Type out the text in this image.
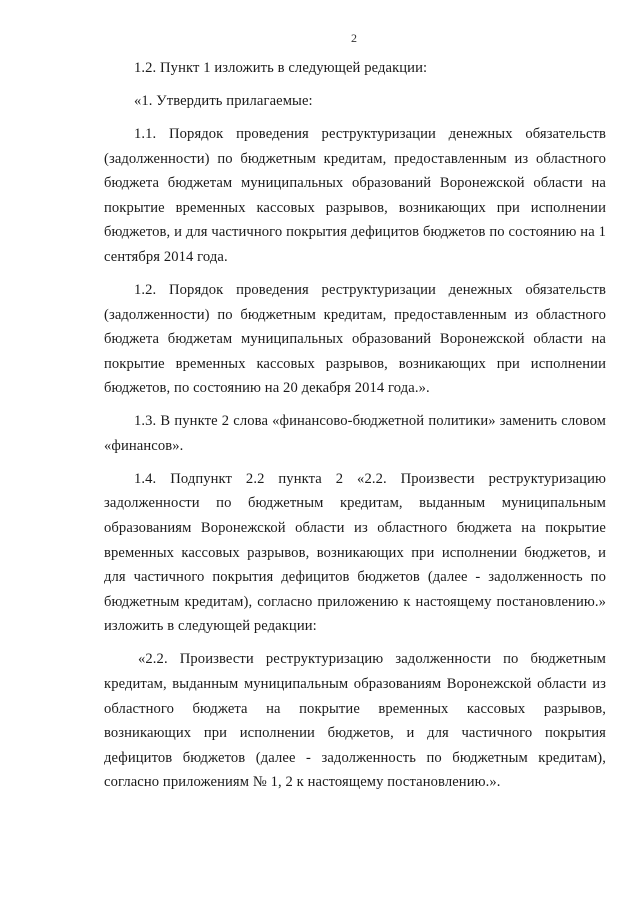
2

1.2. Пункт 1 изложить в следующей редакции:

«1. Утвердить прилагаемые:

1.1. Порядок проведения реструктуризации денежных обязательств (задолженности) по бюджетным кредитам, предоставленным из областного бюджета бюджетам муниципальных образований Воронежской области на покрытие временных кассовых разрывов, возникающих при исполнении бюджетов, и для частичного покрытия дефицитов бюджетов по состоянию на 1 сентября 2014 года.

1.2. Порядок проведения реструктуризации денежных обязательств (задолженности) по бюджетным кредитам, предоставленным из областного бюджета бюджетам муниципальных образований Воронежской области на покрытие временных кассовых разрывов, возникающих при исполнении бюджетов, по состоянию на 20 декабря 2014 года.».

1.3. В пункте 2 слова «финансово-бюджетной политики» заменить словом «финансов».

1.4. Подпункт 2.2 пункта 2 «2.2. Произвести реструктуризацию задолженности по бюджетным кредитам, выданным муниципальным образованиям Воронежской области из областного бюджета на покрытие временных кассовых разрывов, возникающих при исполнении бюджетов, и для частичного покрытия дефицитов бюджетов (далее - задолженность по бюджетным кредитам), согласно приложению к настоящему постановлению.» изложить в следующей редакции:

«2.2. Произвести реструктуризацию задолженности по бюджетным кредитам, выданным муниципальным образованиям Воронежской области из областного бюджета на покрытие временных кассовых разрывов, возникающих при исполнении бюджетов, и для частичного покрытия дефицитов бюджетов (далее - задолженность по бюджетным кредитам), согласно приложениям № 1, 2 к настоящему постановлению.».
